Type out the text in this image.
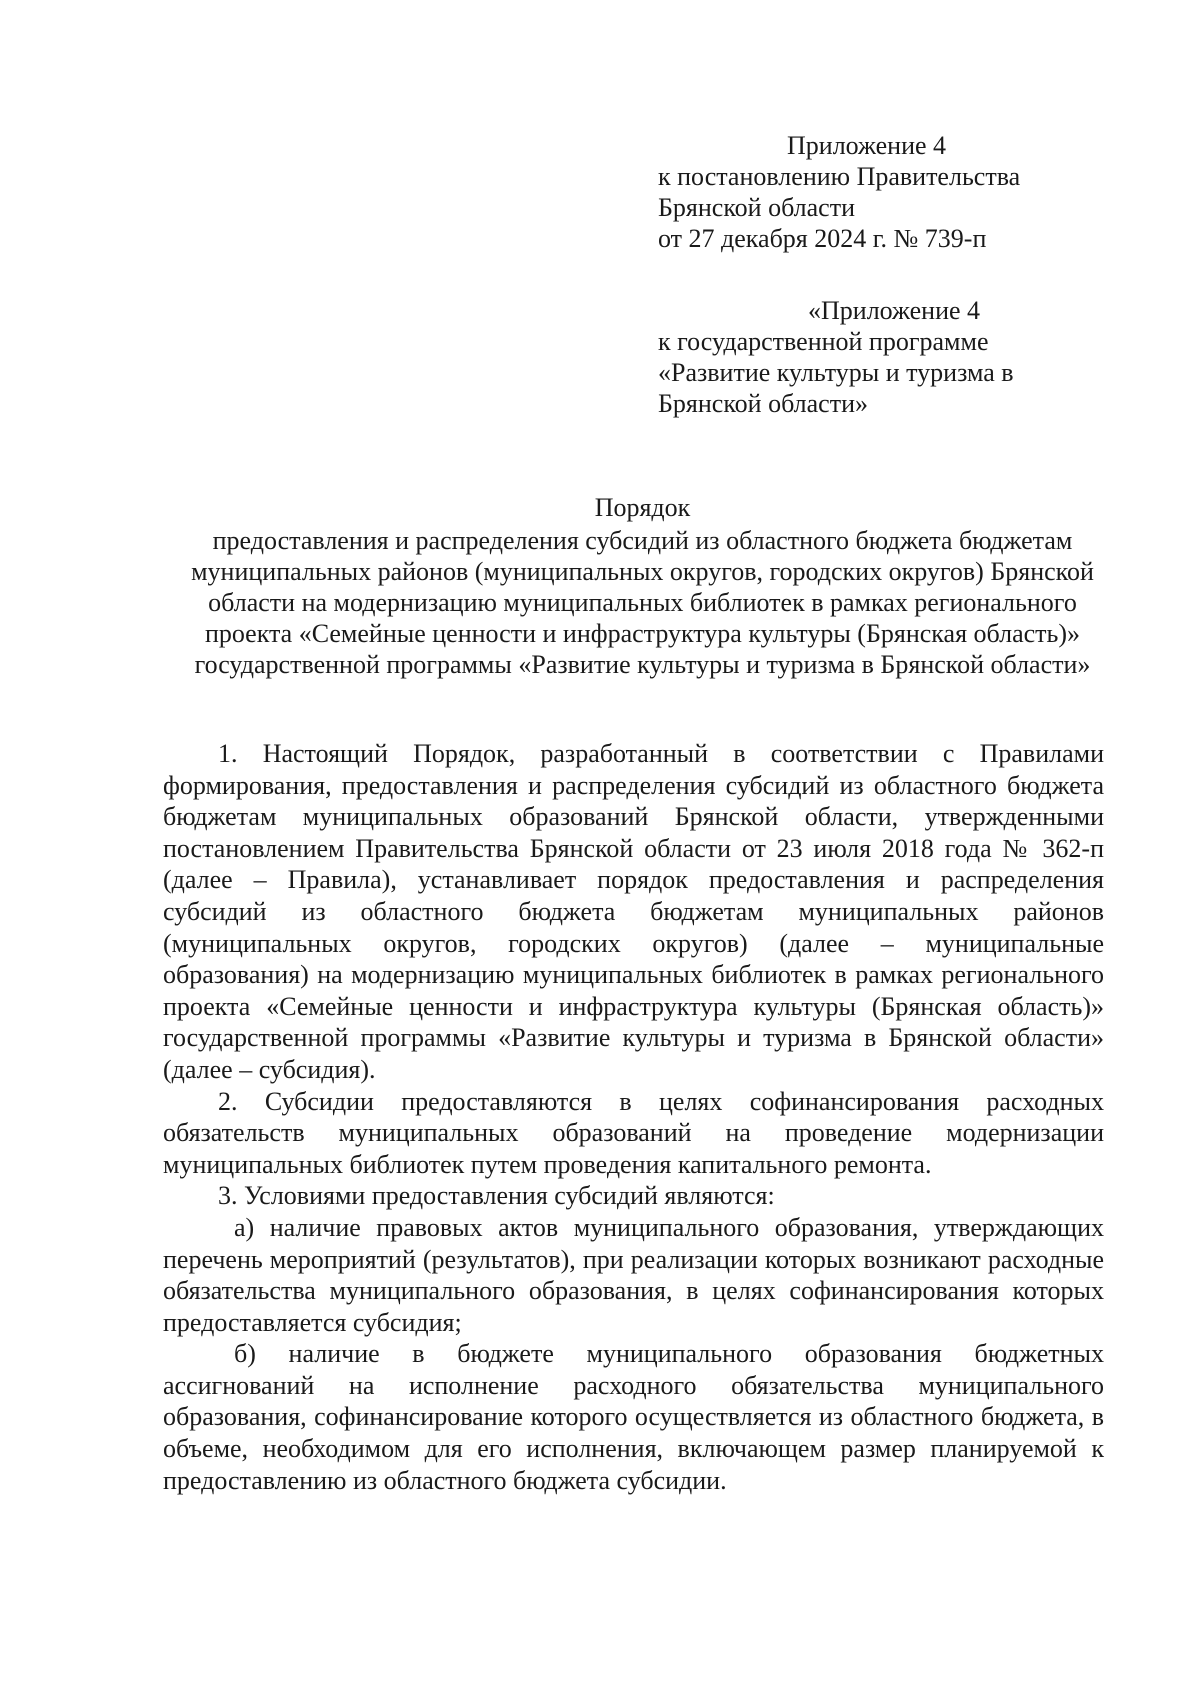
Приложение 4
к постановлению Правительства
Брянской области
от 27 декабря 2024 г. № 739-п
«Приложение 4
к государственной программе
«Развитие культуры и туризма в
Брянской области»
Порядок
предоставления и распределения субсидий из областного бюджета бюджетам муниципальных районов (муниципальных округов, городских округов) Брянской области на модернизацию муниципальных библиотек в рамках регионального проекта «Семейные ценности и инфраструктура культуры (Брянская область)» государственной программы «Развитие культуры и туризма в Брянской области»

1. Настоящий Порядок, разработанный в соответствии с Правилами формирования, предоставления и распределения субсидий из областного бюджета бюджетам муниципальных образований Брянской области, утвержденными постановлением Правительства Брянской области от 23 июля 2018 года № 362-п (далее – Правила), устанавливает порядок предоставления и распределения субсидий из областного бюджета бюджетам муниципальных районов (муниципальных округов, городских округов) (далее – муниципальные образования) на модернизацию муниципальных библиотек в рамках регионального проекта «Семейные ценности и инфраструктура культуры (Брянская область)» государственной программы «Развитие культуры и туризма в Брянской области» (далее – субсидия).

2. Субсидии предоставляются в целях софинансирования расходных обязательств муниципальных образований на проведение модернизации муниципальных библиотек путем проведения капитального ремонта.

3. Условиями предоставления субсидий являются:

а) наличие правовых актов муниципального образования, утверждающих перечень мероприятий (результатов), при реализации которых возникают расходные обязательства муниципального образования, в целях софинансирования которых предоставляется субсидия;

б) наличие в бюджете муниципального образования бюджетных ассигнований на исполнение расходного обязательства муниципального образования, софинансирование которого осуществляется из областного бюджета, в объеме, необходимом для его исполнения, включающем размер планируемой к предоставлению из областного бюджета субсидии.
